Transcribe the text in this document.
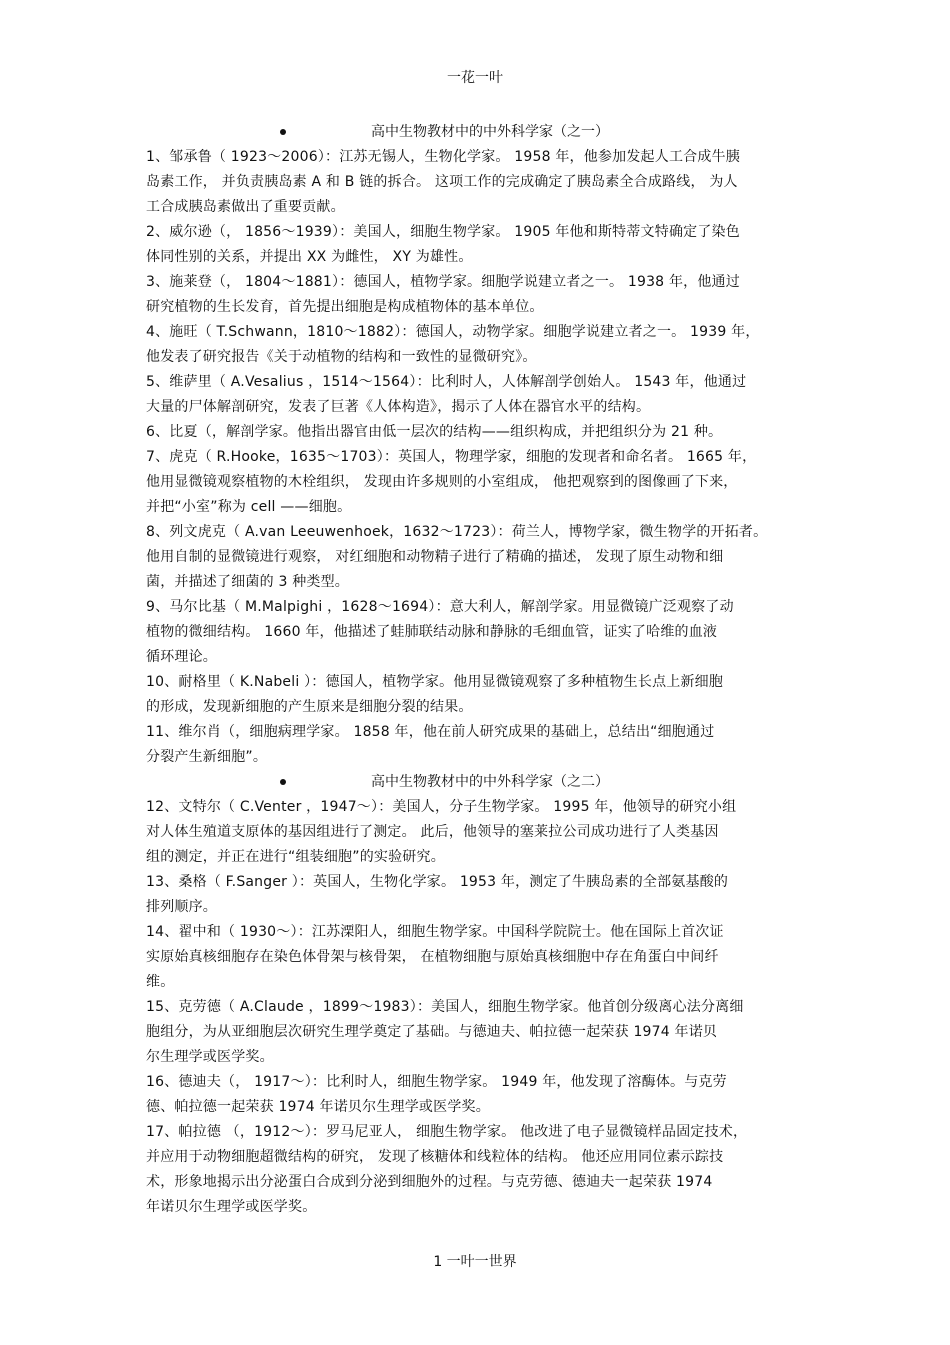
一花一叶
高中生物教材中的中外科学家（之一）

1、邹承鲁（ 1923～2006）：江苏无锡人，生物化学家。 1958 年，他参加发起人工合成牛胰

岛素工作， 并负责胰岛素 A 和 B 链的拆合。 这项工作的完成确定了胰岛素全合成路线， 为人

工合成胰岛素做出了重要贡献。

2、威尔逊（， 1856～1939）：美国人，细胞生物学家。 1905 年他和斯特蒂文特确定了染色

体同性别的关系，并提出 XX 为雌性， XY 为雄性。

3、施莱登（， 1804～1881）：德国人，植物学家。细胞学说建立者之一。 1938 年，他通过

研究植物的生长发育，首先提出细胞是构成植物体的基本单位。

4、施旺（ T.Schwann，1810～1882）：德国人，动物学家。细胞学说建立者之一。 1939 年，

他发表了研究报告《关于动植物的结构和一致性的显微研究》。

5、维萨里（ A.Vesalius ，1514～1564）：比利时人，人体解剖学创始人。 1543 年，他通过

大量的尸体解剖研究，发表了巨著《人体构造》，揭示了人体在器官水平的结构。

6、比夏（，解剖学家。他指出器官由低一层次的结构——组织构成，并把组织分为 21 种。

7、虎克（ R.Hooke，1635～1703）：英国人，物理学家，细胞的发现者和命名者。 1665 年，

他用显微镜观察植物的木栓组织， 发现由许多规则的小室组成， 他把观察到的图像画了下来，

并把“小室”称为 cell ——细胞。

8、列文虎克（ A.van Leeuwenhoek，1632～1723）：荷兰人，博物学家，微生物学的开拓者。

他用自制的显微镜进行观察， 对红细胞和动物精子进行了精确的描述， 发现了原生动物和细

菌，并描述了细菌的 3 种类型。

9、马尔比基（ M.Malpighi ，1628～1694）：意大利人，解剖学家。用显微镜广泛观察了动

植物的微细结构。 1660 年，他描述了蛙肺联结动脉和静脉的毛细血管，证实了哈维的血液

循环理论。

10、耐格里（ K.Nabeli ）：德国人，植物学家。他用显微镜观察了多种植物生长点上新细胞

的形成，发现新细胞的产生原来是细胞分裂的结果。

11、维尔肖（，细胞病理学家。 1858 年，他在前人研究成果的基础上，总结出“细胞通过

分裂产生新细胞”。

高中生物教材中的中外科学家（之二）

12、文特尔（ C.Venter ，1947～）：美国人，分子生物学家。 1995 年，他领导的研究小组

对人体生殖道支原体的基因组进行了测定。 此后，他领导的塞莱拉公司成功进行了人类基因

组的测定，并正在进行“组装细胞”的实验研究。

13、桑格（ F.Sanger ）：英国人，生物化学家。 1953 年，测定了牛胰岛素的全部氨基酸的

排列顺序。

14、翟中和（ 1930～）：江苏溧阳人，细胞生物学家。中国科学院院士。他在国际上首次证

实原始真核细胞存在染色体骨架与核骨架， 在植物细胞与原始真核细胞中存在角蛋白中间纤

维。

15、克劳德（ A.Claude ，1899～1983）：美国人，细胞生物学家。他首创分级离心法分离细

胞组分，为从亚细胞层次研究生理学奠定了基础。与德迪夫、帕拉德一起荣获 1974 年诺贝

尔生理学或医学奖。

16、德迪夫（， 1917～）：比利时人，细胞生物学家。 1949 年，他发现了溶酶体。与克劳

德、帕拉德一起荣获 1974 年诺贝尔生理学或医学奖。

17、帕拉德 （，1912～）：罗马尼亚人， 细胞生物学家。 他改进了电子显微镜样品固定技术，

并应用于动物细胞超微结构的研究， 发现了核糖体和线粒体的结构。 他还应用同位素示踪技

术，形象地揭示出分泌蛋白合成到分泌到细胞外的过程。与克劳德、德迪夫一起荣获 1974

年诺贝尔生理学或医学奖。

1 一叶一世界
